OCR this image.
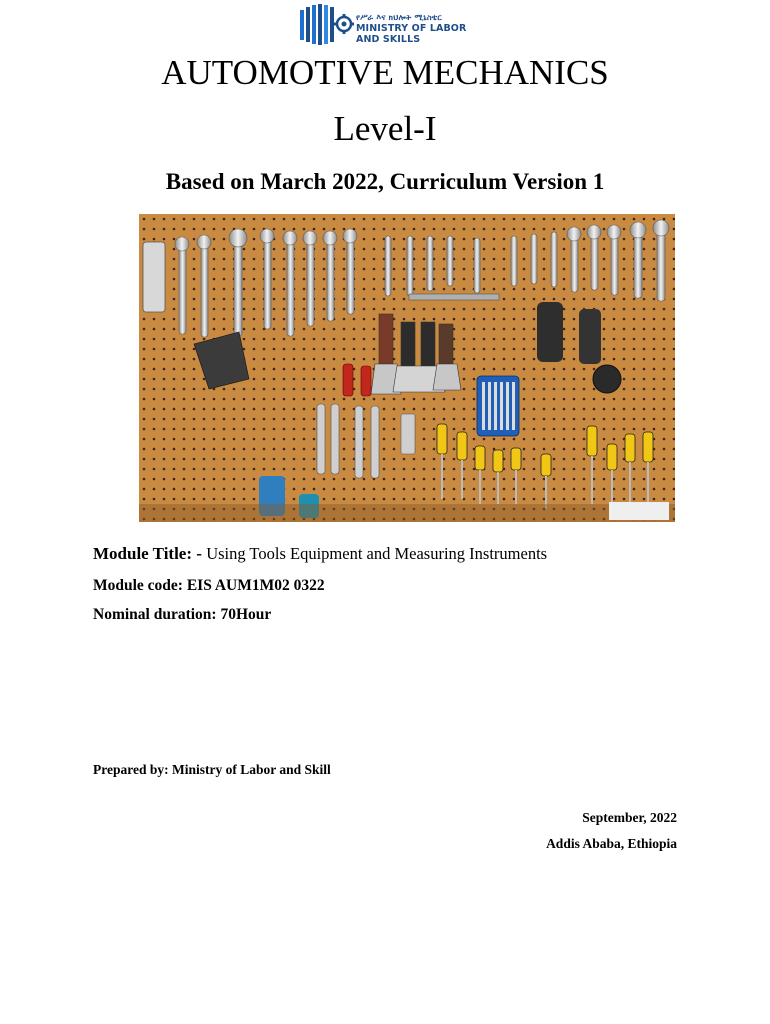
የሥራ እና ክህሎት ሚኒስቴር
MINISTRY OF LABOR
AND SKILLS
AUTOMOTIVE MECHANICS
Level-I
Based on March 2022, Curriculum Version 1
Module Title: - Using Tools Equipment and Measuring Instruments
Module code: EIS AUM1M02 0322
Nominal duration: 70Hour
Prepared by: Ministry of Labor and Skill
September, 2022
Addis Ababa, Ethiopia
